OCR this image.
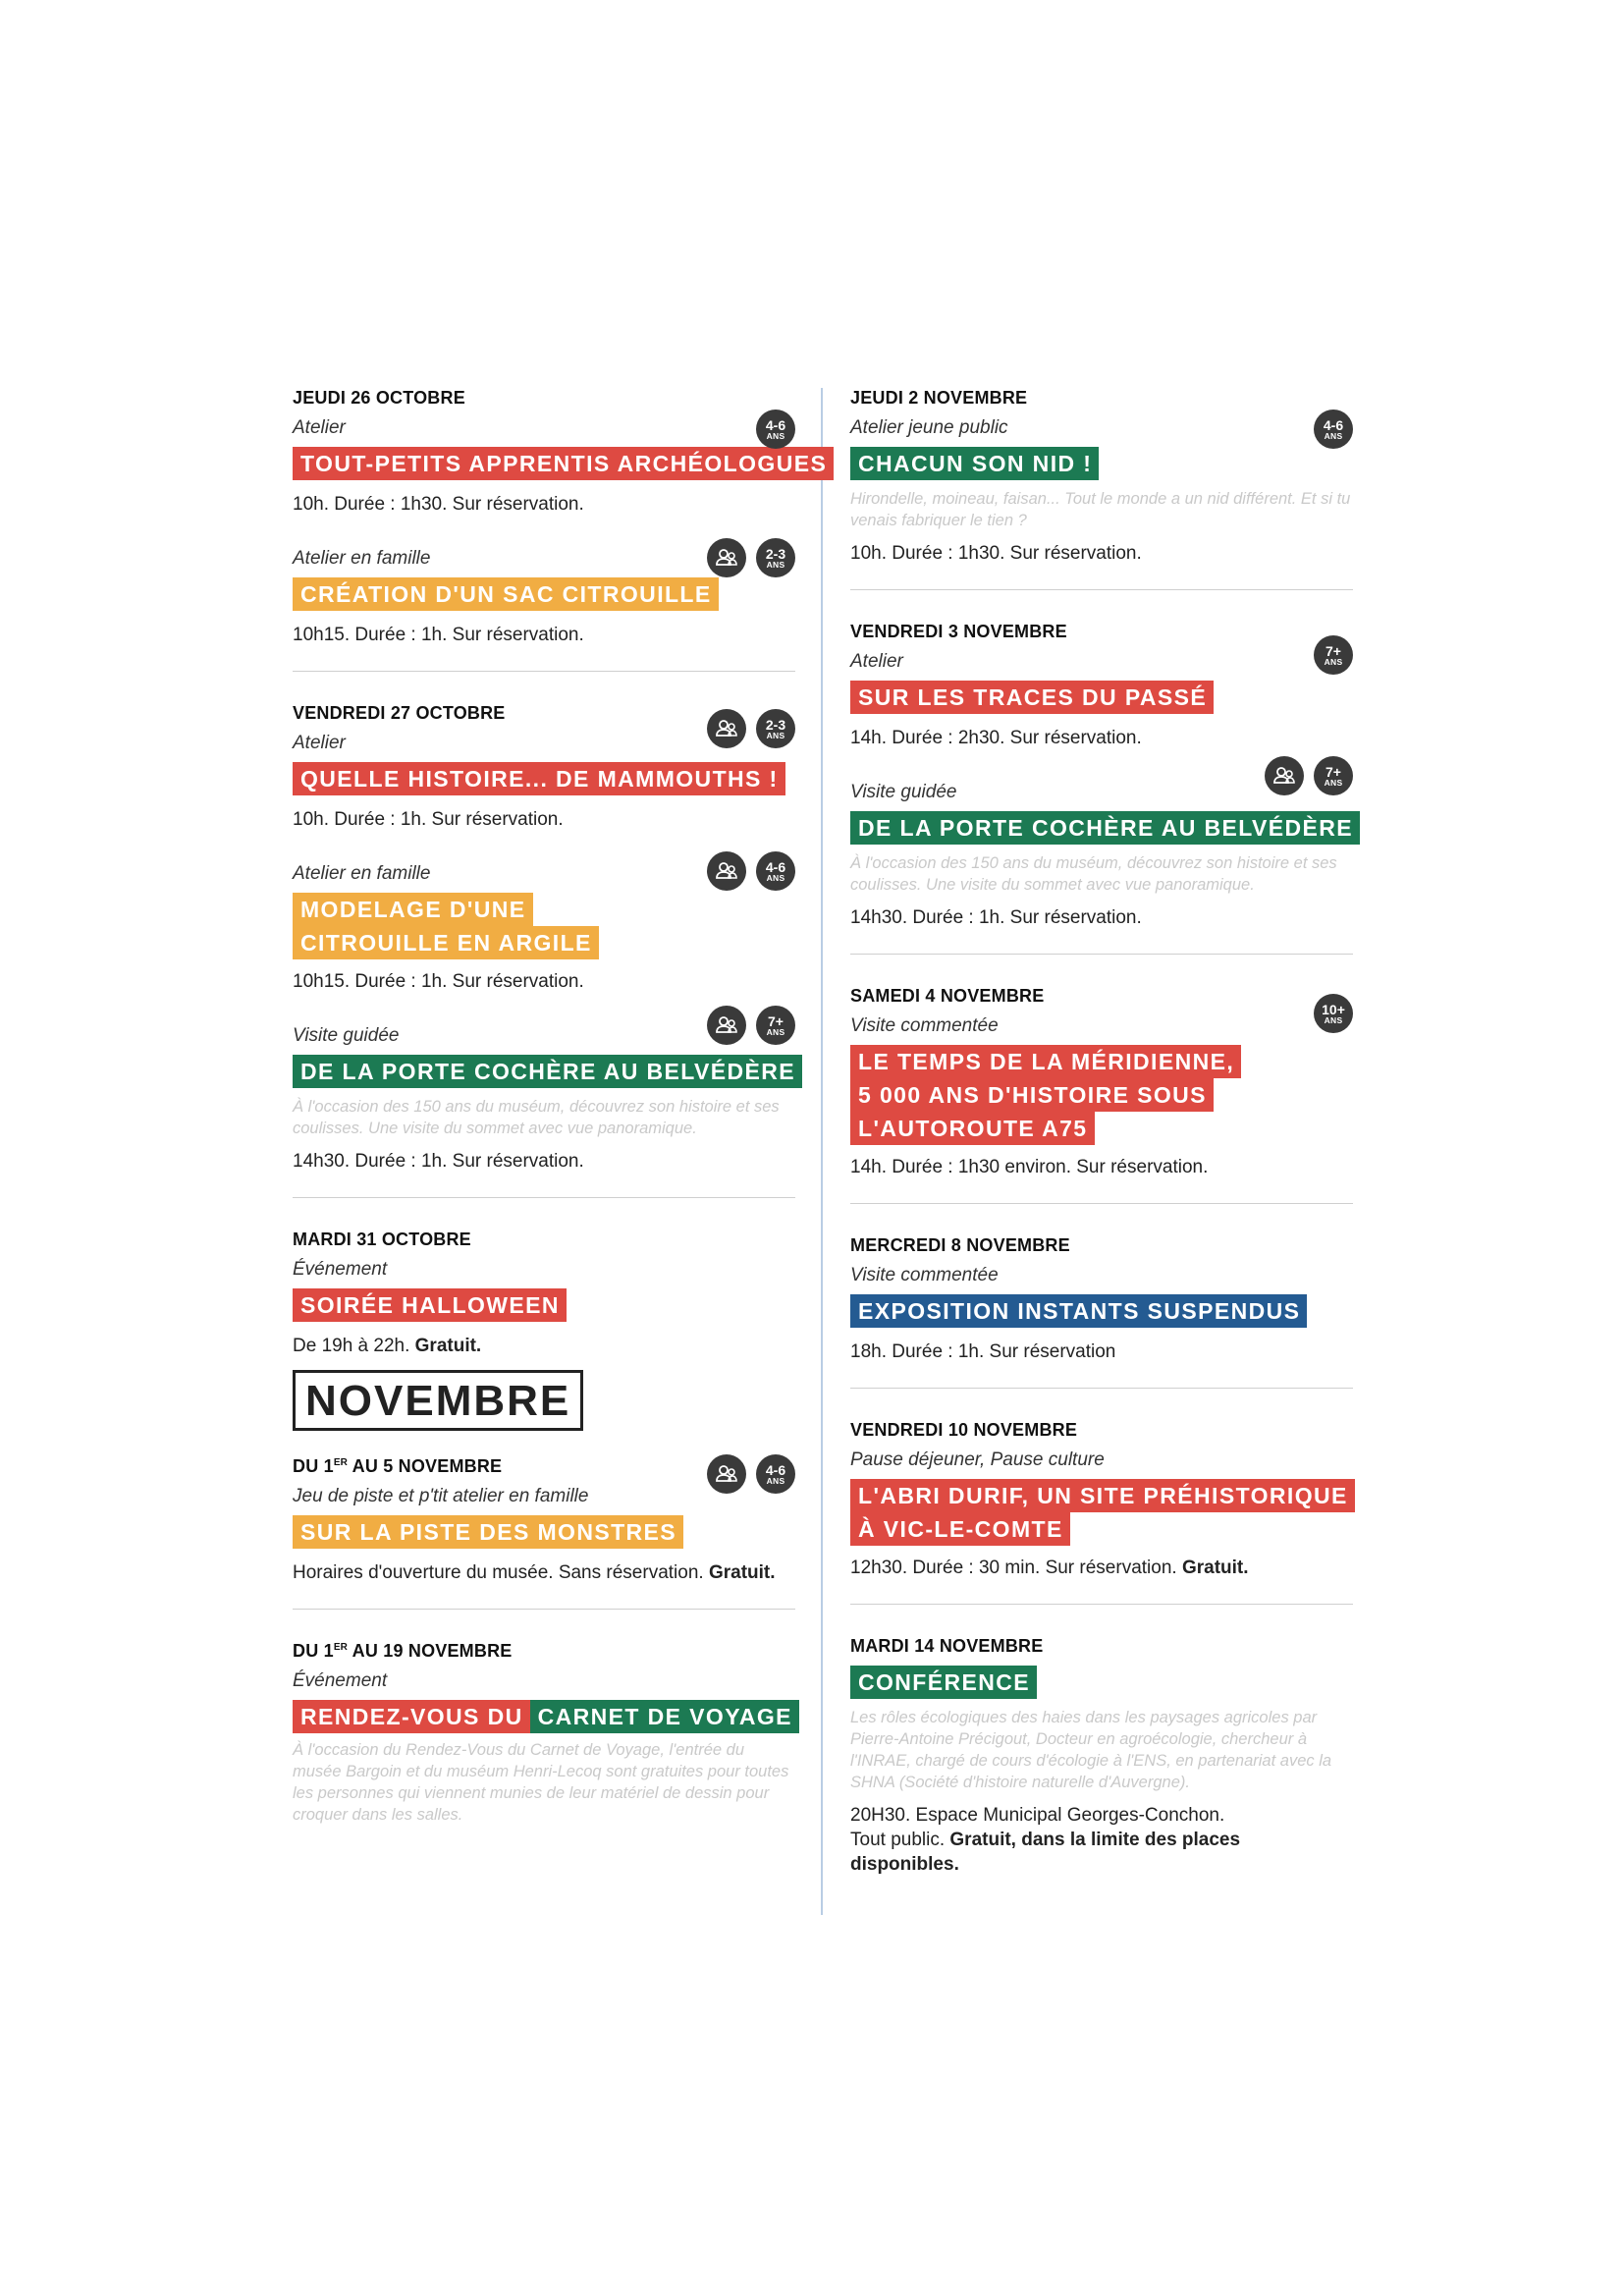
4-6
ANS
JEUDI 26 OCTOBRE
Atelier
TOUT-PETITS APPRENTIS ARCHÉOLOGUES
10h. Durée : 1h30. Sur réservation.
2-3
ANS
Atelier en famille
CRÉATION D'UN SAC CITROUILLE
10h15. Durée : 1h. Sur réservation.
2-3
ANS
VENDREDI 27 OCTOBRE
Atelier
QUELLE HISTOIRE... DE MAMMOUTHS !
10h. Durée : 1h. Sur réservation.
4-6
ANS
Atelier en famille
MODELAGE D'UNE
CITROUILLE EN ARGILE
10h15. Durée : 1h. Sur réservation.
7+
ANS
Visite guidée
DE LA PORTE COCHÈRE AU BELVÉDÈRE
À l'occasion des 150 ans du muséum, découvrez son histoire et ses coulisses. Une visite du sommet avec vue panoramique.
14h30. Durée : 1h. Sur réservation.
MARDI 31 OCTOBRE
Événement
SOIRÉE HALLOWEEN
De 19h à 22h. Gratuit.
NOVEMBRE
4-6
ANS
DU 1ER AU 5 NOVEMBRE
Jeu de piste et p'tit atelier en famille
SUR LA PISTE DES MONSTRES
Horaires d'ouverture du musée. Sans réservation. Gratuit.
DU 1ER AU 19 NOVEMBRE
Événement
RENDEZ-VOUS DU CARNET DE VOYAGE
À l'occasion du Rendez-Vous du Carnet de Voyage, l'entrée du musée Bargoin et du muséum Henri-Lecoq sont gratuites pour toutes les personnes qui viennent munies de leur matériel de dessin pour croquer dans les salles.
4-6
ANS
JEUDI 2 NOVEMBRE
Atelier jeune public
CHACUN SON NID !
Hirondelle, moineau, faisan... Tout le monde a un nid différent. Et si tu venais fabriquer le tien ?
10h. Durée : 1h30. Sur réservation.
7+
ANS
VENDREDI 3 NOVEMBRE
Atelier
SUR LES TRACES DU PASSÉ
14h. Durée : 2h30. Sur réservation.
7+
ANS
Visite guidée
DE LA PORTE COCHÈRE AU BELVÉDÈRE
À l'occasion des 150 ans du muséum, découvrez son histoire et ses coulisses. Une visite du sommet avec vue panoramique.
14h30. Durée : 1h. Sur réservation.
10+
ANS
SAMEDI 4 NOVEMBRE
Visite commentée
LE TEMPS DE LA MÉRIDIENNE,
5 000 ANS D'HISTOIRE SOUS
L'AUTOROUTE A75
14h. Durée : 1h30 environ. Sur réservation.
MERCREDI 8 NOVEMBRE
Visite commentée
EXPOSITION INSTANTS SUSPENDUS
18h. Durée : 1h. Sur réservation
VENDREDI 10 NOVEMBRE
Pause déjeuner, Pause culture
L'ABRI DURIF, UN SITE PRÉHISTORIQUE
À VIC-LE-COMTE
12h30. Durée : 30 min. Sur réservation. Gratuit.
MARDI 14 NOVEMBRE
CONFÉRENCE
Les rôles écologiques des haies dans les paysages agricoles par Pierre-Antoine Précigout, Docteur en agroécologie, chercheur à l'INRAE, chargé de cours d'écologie à l'ENS, en partenariat avec la SHNA (Société d'histoire naturelle d'Auvergne).
20H30. Espace Municipal Georges-Conchon.
Tout public. Gratuit, dans la limite des places disponibles.
